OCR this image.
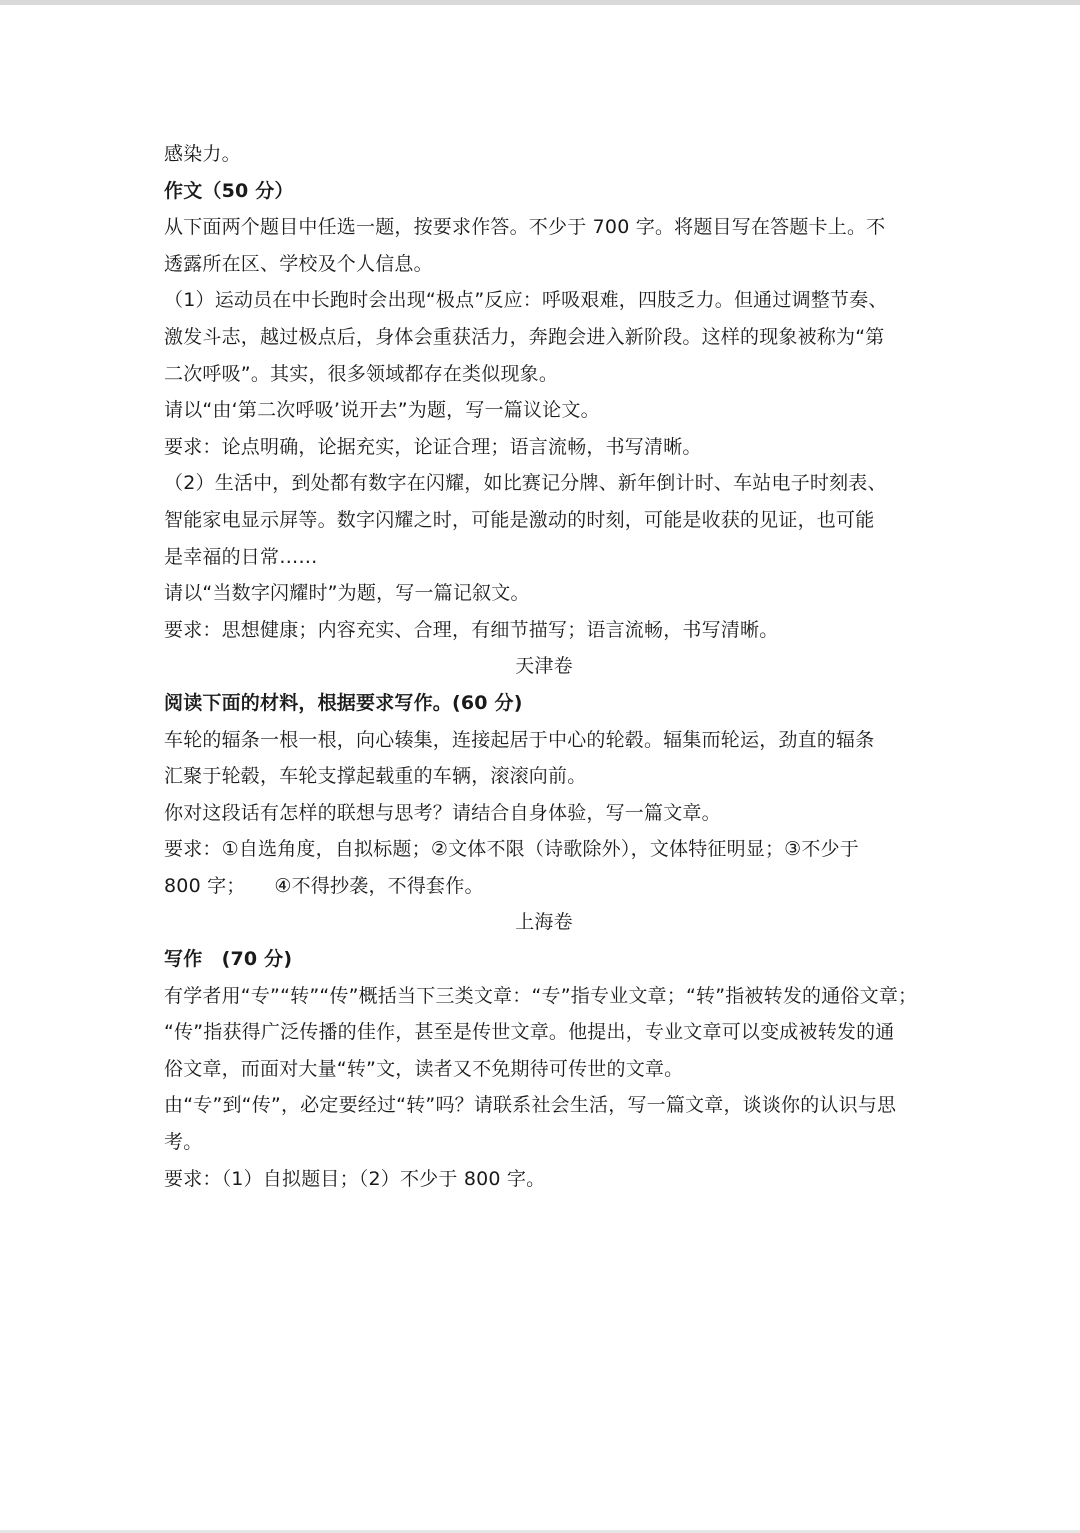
感染力。
作文（50 分）
从下面两个题目中任选一题，按要求作答。不少于 700 字。将题目写在答题卡上。不
透露所在区、学校及个人信息。
（1）运动员在中长跑时会出现“极点”反应：呼吸艰难，四肢乏力。但通过调整节奏、
激发斗志，越过极点后，身体会重获活力，奔跑会进入新阶段。这样的现象被称为“第
二次呼吸”。其实，很多领域都存在类似现象。
请以“由‘第二次呼吸’说开去”为题，写一篇议论文。
要求：论点明确，论据充实，论证合理；语言流畅，书写清晰。
（2）生活中，到处都有数字在闪耀，如比赛记分牌、新年倒计时、车站电子时刻表、
智能家电显示屏等。数字闪耀之时，可能是激动的时刻，可能是收获的见证，也可能
是幸福的日常……
请以“当数字闪耀时”为题，写一篇记叙文。
要求：思想健康；内容充实、合理，有细节描写；语言流畅，书写清晰。
天津卷
阅读下面的材料，根据要求写作。(60 分)
车轮的辐条一根一根，向心辏集，连接起居于中心的轮毂。辐集而轮运，劲直的辐条
汇聚于轮毂，车轮支撑起载重的车辆，滚滚向前。
你对这段话有怎样的联想与思考？请结合自身体验，写一篇文章。
要求：①自选角度，自拟标题；②文体不限（诗歌除外），文体特征明显；③不少于
800 字；　　④不得抄袭，不得套作。
上海卷
写作　(70 分)
有学者用“专”“转”“传”概括当下三类文章：“专”指专业文章；“转”指被转发的通俗文章；
“传”指获得广泛传播的佳作，甚至是传世文章。他提出，专业文章可以变成被转发的通
俗文章，而面对大量“转”文，读者又不免期待可传世的文章。
由“专”到“传”，必定要经过“转”吗？请联系社会生活，写一篇文章，谈谈你的认识与思
考。
要求：（1）自拟题目；（2）不少于 800 字。
